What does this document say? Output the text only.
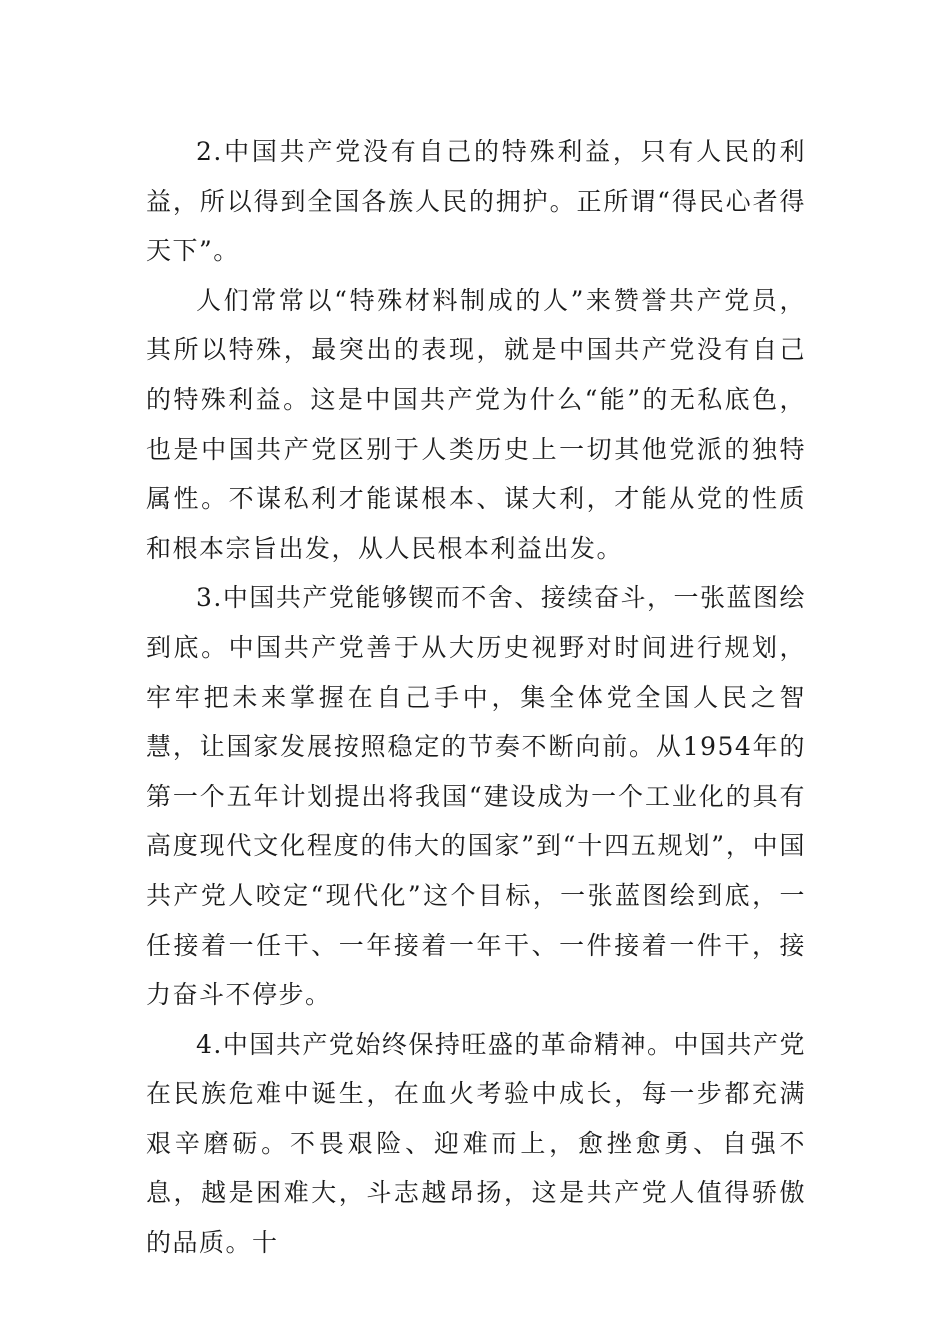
2.中国共产党没有自己的特殊利益，只有人民的利益，所以得到全国各族人民的拥护。正所谓“得民心者得天下”。

人们常常以“特殊材料制成的人”来赞誉共产党员，其所以特殊，最突出的表现，就是中国共产党没有自己的特殊利益。这是中国共产党为什么“能”的无私底色，也是中国共产党区别于人类历史上一切其他党派的独特属性。不谋私利才能谋根本、谋大利，才能从党的性质和根本宗旨出发，从人民根本利益出发。

3.中国共产党能够锲而不舍、接续奋斗，一张蓝图绘到底。中国共产党善于从大历史视野对时间进行规划，牢牢把未来掌握在自己手中，集全体党全国人民之智慧，让国家发展按照稳定的节奏不断向前。从1954年的第一个五年计划提出将我国“建设成为一个工业化的具有高度现代文化程度的伟大的国家”到“十四五规划”，中国共产党人咬定“现代化”这个目标，一张蓝图绘到底，一任接着一任干、一年接着一年干、一件接着一件干，接力奋斗不停步。

4.中国共产党始终保持旺盛的革命精神。中国共产党在民族危难中诞生，在血火考验中成长，每一步都充满艰辛磨砺。不畏艰险、迎难而上，愈挫愈勇、自强不息，越是困难大，斗志越昂扬，这是共产党人值得骄傲的品质。十
